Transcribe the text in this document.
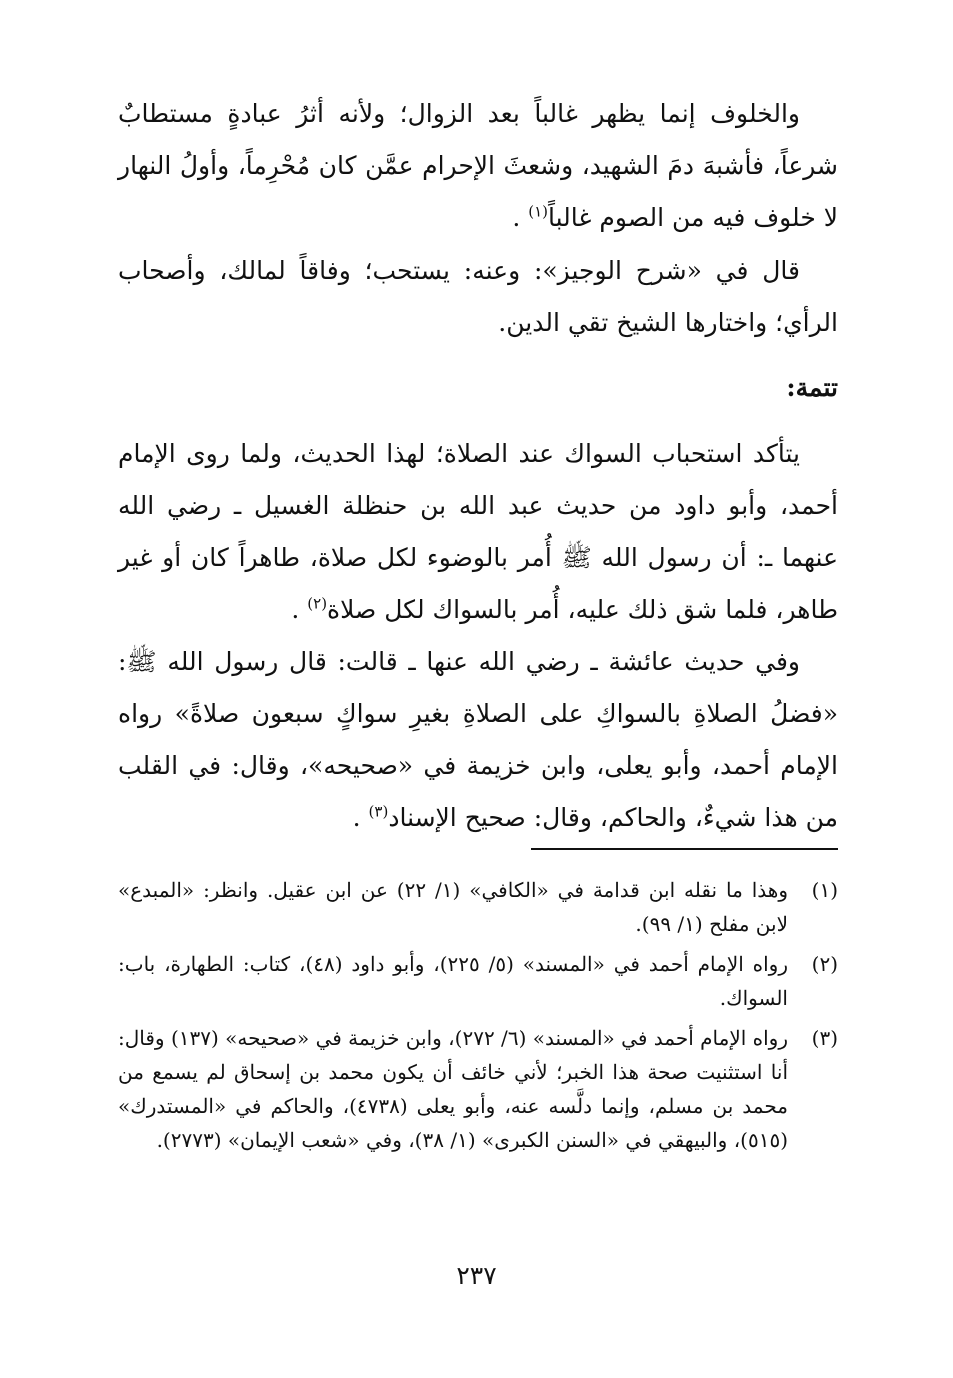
والخلوف إنما يظهر غالباً بعد الزوال؛ ولأنه أثرُ عبادةٍ مستطابٌ شرعاً، فأشبهَ دمَ الشهيد، وشعثَ الإحرام عمَّن كان مُحْرِماً، وأولُ النهار لا خلوف فيه من الصوم غالباً$^{(١)}$ .

قال في «شرح الوجيز»: وعنه: يستحب؛ وفاقاً لمالك، وأصحاب الرأي؛ واختارها الشيخ تقي الدين.

تتمة:

يتأكد استحباب السواك عند الصلاة؛ لهذا الحديث، ولما روى الإمام أحمد، وأبو داود من حديث عبد الله بن حنظلة الغسيل ـ رضي الله عنهما ـ: أن رسول الله ﷺ أُمر بالوضوء لكل صلاة، طاهراً كان أو غير طاهر، فلما شق ذلك عليه، أُمر بالسواك لكل صلاة$^{(٢)}$ .

وفي حديث عائشة ـ رضي الله عنها ـ قالت: قال رسول الله ﷺ: «فضلُ الصلاةِ بالسواكِ على الصلاةِ بغيرِ سواكٍ سبعون صلاةً» رواه الإمام أحمد، وأبو يعلى، وابن خزيمة في «صحيحه»، وقال: في القلب من هذا شيءٌ، والحاكم، وقال: صحيح الإسناد$^{(٣)}$ .

(١)
وهذا ما نقله ابن قدامة في «الكافي» (١/ ٢٢) عن ابن عقيل. وانظر: «المبدع» لابن مفلح (١/ ٩٩).
(٢)
رواه الإمام أحمد في «المسند» (٥/ ٢٢٥)، وأبو داود (٤٨)، كتاب: الطهارة، باب: السواك.
(٣)
رواه الإمام أحمد في «المسند» (٦/ ٢٧٢)، وابن خزيمة في «صحيحه» (١٣٧) وقال: أنا استثنيت صحة هذا الخبر؛ لأني خائف أن يكون محمد بن إسحاق لم يسمع من محمد بن مسلم، وإنما دلَّسه عنه، وأبو يعلى (٤٧٣٨)، والحاكم في «المستدرك» (٥١٥)، والبيهقي في «السنن الكبرى» (١/ ٣٨)، وفي «شعب الإيمان» (٢٧٧٣).
٢٣٧
